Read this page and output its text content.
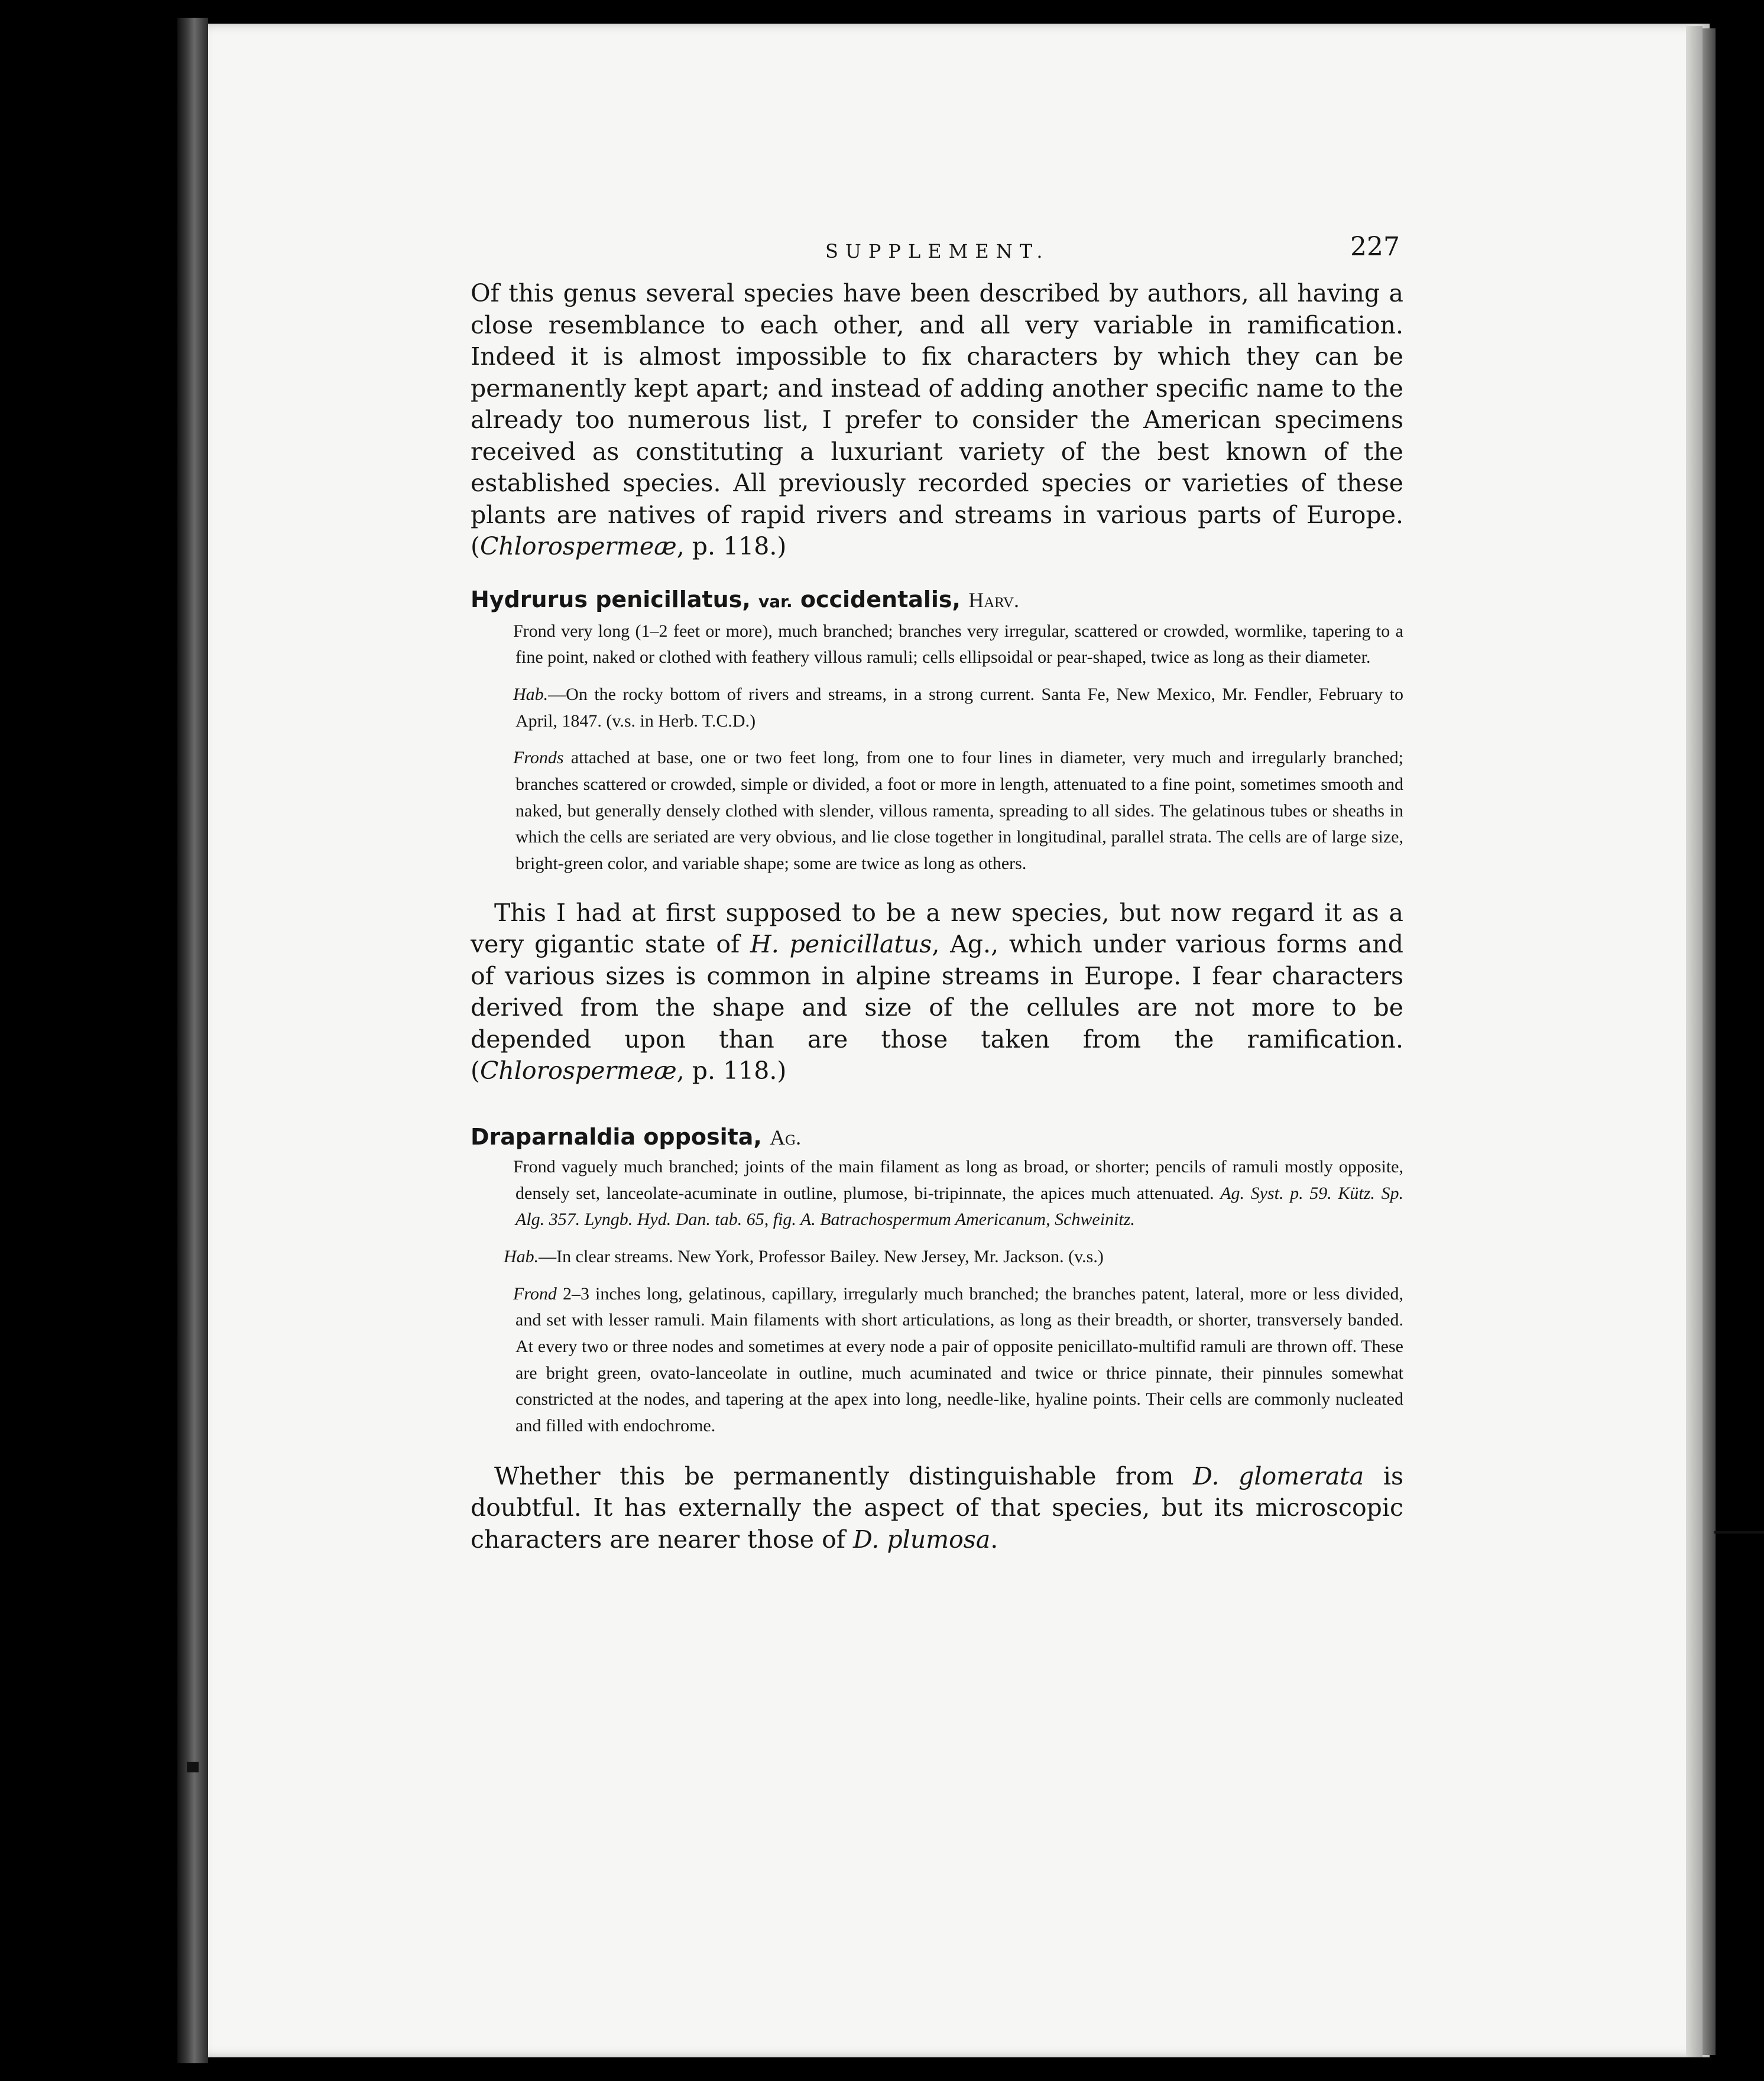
SUPPLEMENT.	227

Of this genus several species have been described by authors, all having a close resemblance to each other, and all very variable in ramification. Indeed it is almost impossible to fix characters by which they can be permanently kept apart; and instead of adding another specific name to the already too numerous list, I prefer to consider the American specimens received as constituting a luxuriant variety of the best known of the established species. All previously recorded species or varieties of these plants are natives of rapid rivers and streams in various parts of Europe. (Chlorospermeæ, p. 118.)

Hydrurus penicillatus, var. occidentalis, Harv.
Frond very long (1–2 feet or more), much branched; branches very irregular, scattered or crowded, wormlike, tapering to a fine point, naked or clothed with feathery villous ramuli; cells ellipsoidal or pear-shaped, twice as long as their diameter.
Hab.—On the rocky bottom of rivers and streams, in a strong current. Santa Fe, New Mexico, Mr. Fendler, February to April, 1847. (v.s. in Herb. T.C.D.)
Fronds attached at base, one or two feet long, from one to four lines in diameter, very much and irregularly branched; branches scattered or crowded, simple or divided, a foot or more in length, attenuated to a fine point, sometimes smooth and naked, but generally densely clothed with slender, villous ramenta, spreading to all sides. The gelatinous tubes or sheaths in which the cells are seriated are very obvious, and lie close together in longitudinal, parallel strata. The cells are of large size, bright-green color, and variable shape; some are twice as long as others.

This I had at first supposed to be a new species, but now regard it as a very gigantic state of H. penicillatus, Ag., which under various forms and of various sizes is common in alpine streams in Europe. I fear characters derived from the shape and size of the cellules are not more to be depended upon than are those taken from the ramification. (Chlorospermeæ, p. 118.)

Draparnaldia opposita, Ag.
Frond vaguely much branched; joints of the main filament as long as broad, or shorter; pencils of ramuli mostly opposite, densely set, lanceolate-acuminate in outline, plumose, bi-tripinnate, the apices much attenuated. Ag. Syst. p. 59. Kütz. Sp. Alg. 357. Lyngb. Hyd. Dan. tab. 65, fig. A. Batrachospermum Americanum, Schweinitz.
Hab.—In clear streams. New York, Professor Bailey. New Jersey, Mr. Jackson. (v.s.)
Frond 2–3 inches long, gelatinous, capillary, irregularly much branched; the branches patent, lateral, more or less divided, and set with lesser ramuli. Main filaments with short articulations, as long as their breadth, or shorter, transversely banded. At every two or three nodes and sometimes at every node a pair of opposite penicillato-multifid ramuli are thrown off. These are bright green, ovato-lanceolate in outline, much acuminated and twice or thrice pinnate, their pinnules somewhat constricted at the nodes, and tapering at the apex into long, needle-like, hyaline points. Their cells are commonly nucleated and filled with endochrome.

Whether this be permanently distinguishable from D. glomerata is doubtful. It has externally the aspect of that species, but its microscopic characters are nearer those of D. plumosa.
